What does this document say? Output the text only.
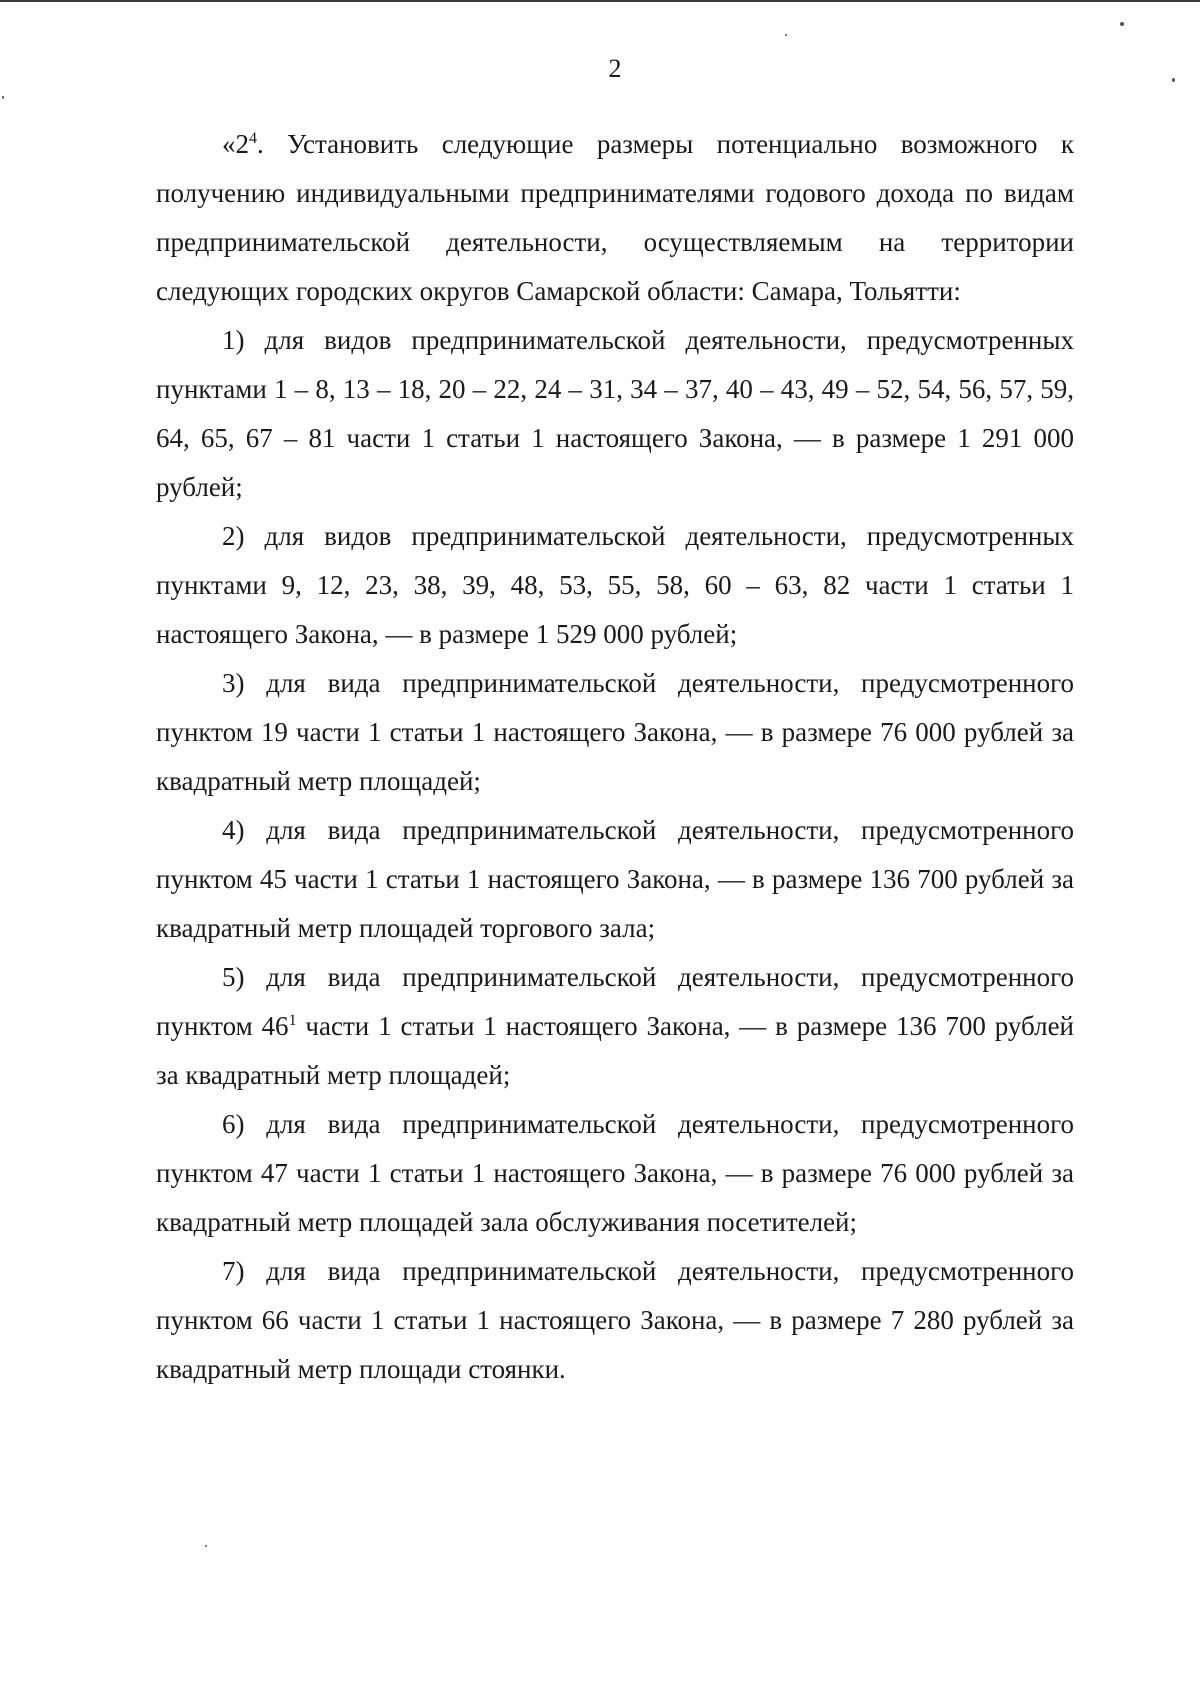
2

«$2^4$. Установить следующие размеры потенциально возможного к получению индивидуальными предпринимателями годового дохода по видам предпринимательской деятельности, осуществляемым на территории следующих городских округов Самарской области: Самара, Тольятти:

1) для видов предпринимательской деятельности, предусмотренных пунктами 1 – 8, 13 – 18, 20 – 22, 24 – 31, 34 – 37, 40 – 43, 49 – 52, 54, 56, 57, 59, 64, 65, 67 – 81 части 1 статьи 1 настоящего Закона, — в размере 1 291 000 рублей;

2) для видов предпринимательской деятельности, предусмотренных пунктами 9, 12, 23, 38, 39, 48, 53, 55, 58, 60 – 63, 82 части 1 статьи 1 настоящего Закона, — в размере 1 529 000 рублей;

3) для вида предпринимательской деятельности, предусмотренного пунктом 19 части 1 статьи 1 настоящего Закона, — в размере 76 000 рублей за квадратный метр площадей;

4) для вида предпринимательской деятельности, предусмотренного пунктом 45 части 1 статьи 1 настоящего Закона, — в размере 136 700 рублей за квадратный метр площадей торгового зала;

5) для вида предпринимательской деятельности, предусмотренного пунктом $46^1$ части 1 статьи 1 настоящего Закона, — в размере 136 700 рублей за квадратный метр площадей;

6) для вида предпринимательской деятельности, предусмотренного пунктом 47 части 1 статьи 1 настоящего Закона, — в размере 76 000 рублей за квадратный метр площадей зала обслуживания посетителей;

7) для вида предпринимательской деятельности, предусмотренного пунктом 66 части 1 статьи 1 настоящего Закона, — в размере 7 280 рублей за квадратный метр площади стоянки.
